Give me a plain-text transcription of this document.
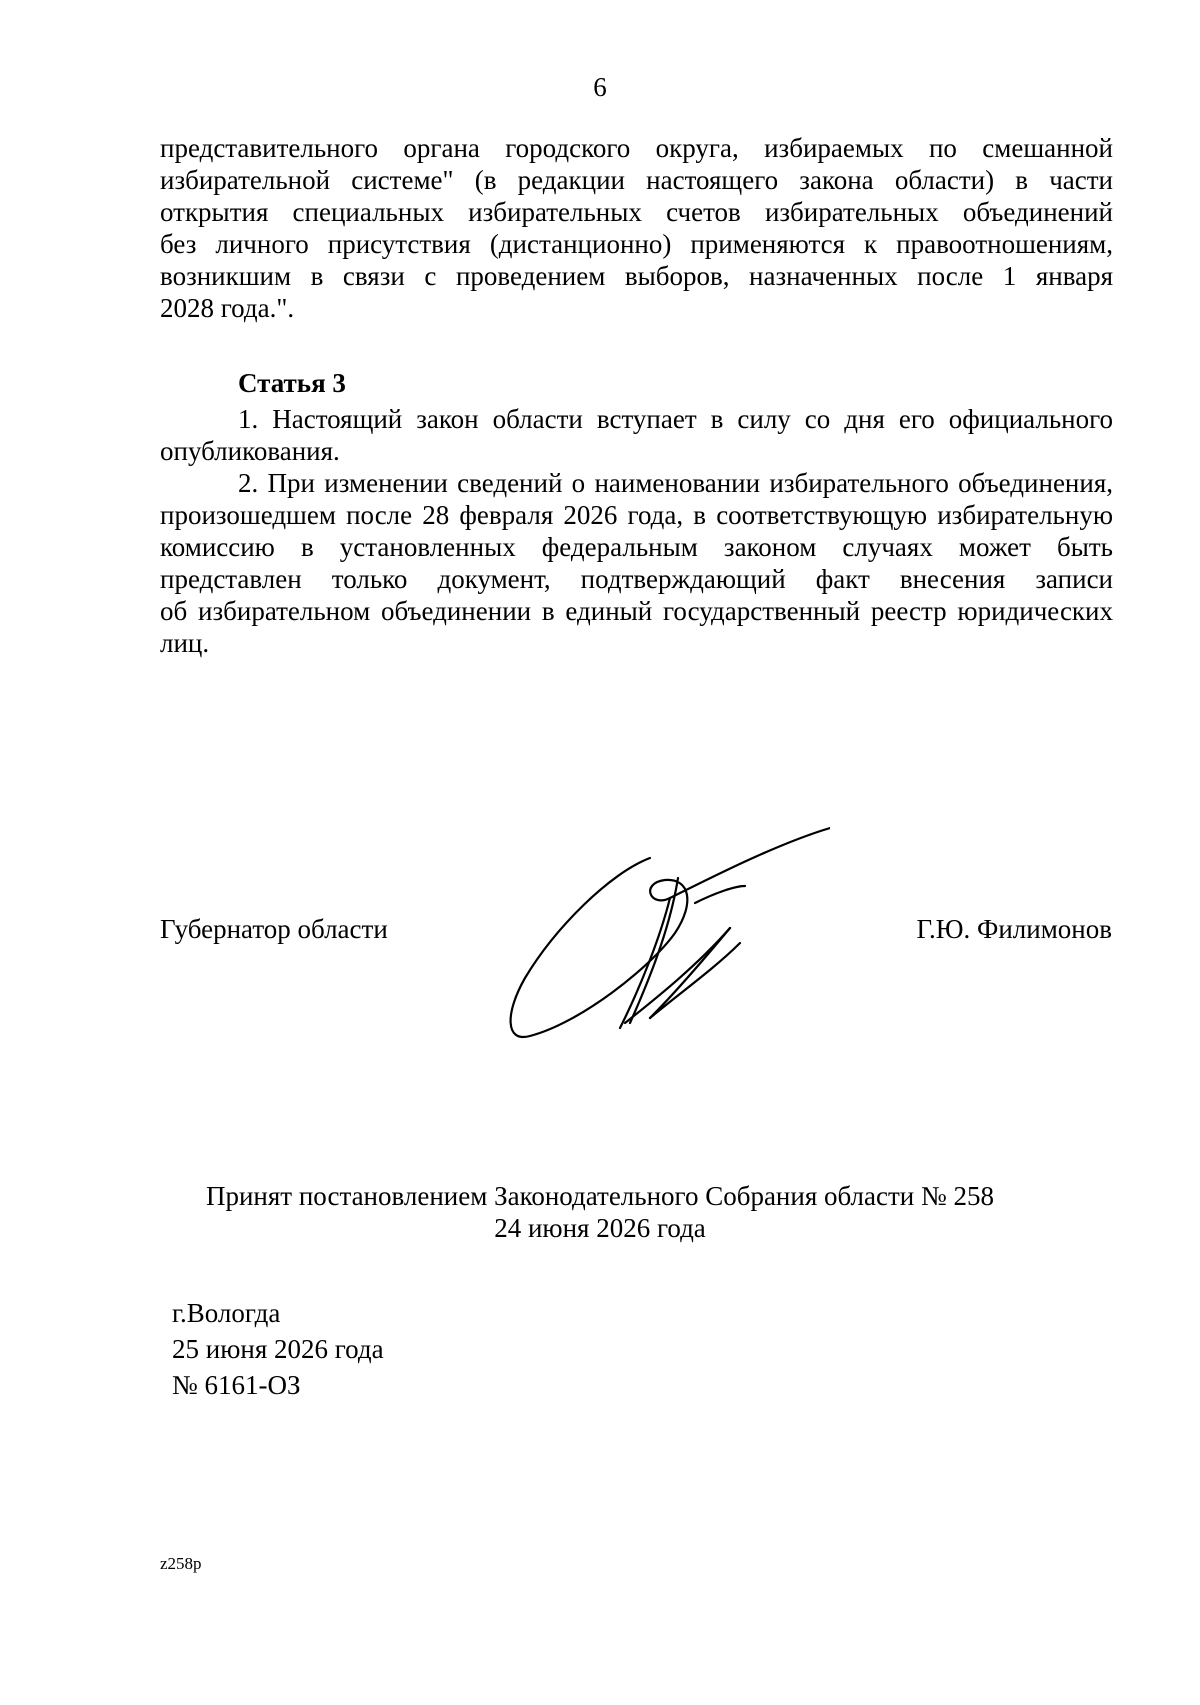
6
представительного органа городского округа, избираемых по смешанной
избирательной системе" (в редакции настоящего закона области) в части
открытия специальных избирательных счетов избирательных объединений
без личного присутствия (дистанционно) применяются к правоотношениям,
возникшим в связи с проведением выборов, назначенных после 1 января
2028 года.".
Статья 3
1. Настоящий закон области вступает в силу со дня его официального
опубликования.
2. При изменении сведений о наименовании избирательного объединения,
произошедшем после 28 февраля 2026 года, в соответствующую избирательную
комиссию в установленных федеральным законом случаях может быть
представлен только документ, подтверждающий факт внесения записи
об избирательном объединении в единый государственный реестр юридических
лиц.
Губернатор области	Г.Ю. Филимонов
Принят постановлением Законодательного Собрания области № 258
24 июня 2026 года
г.Вологда
25 июня 2026 года
№ 6161-ОЗ
z258p
